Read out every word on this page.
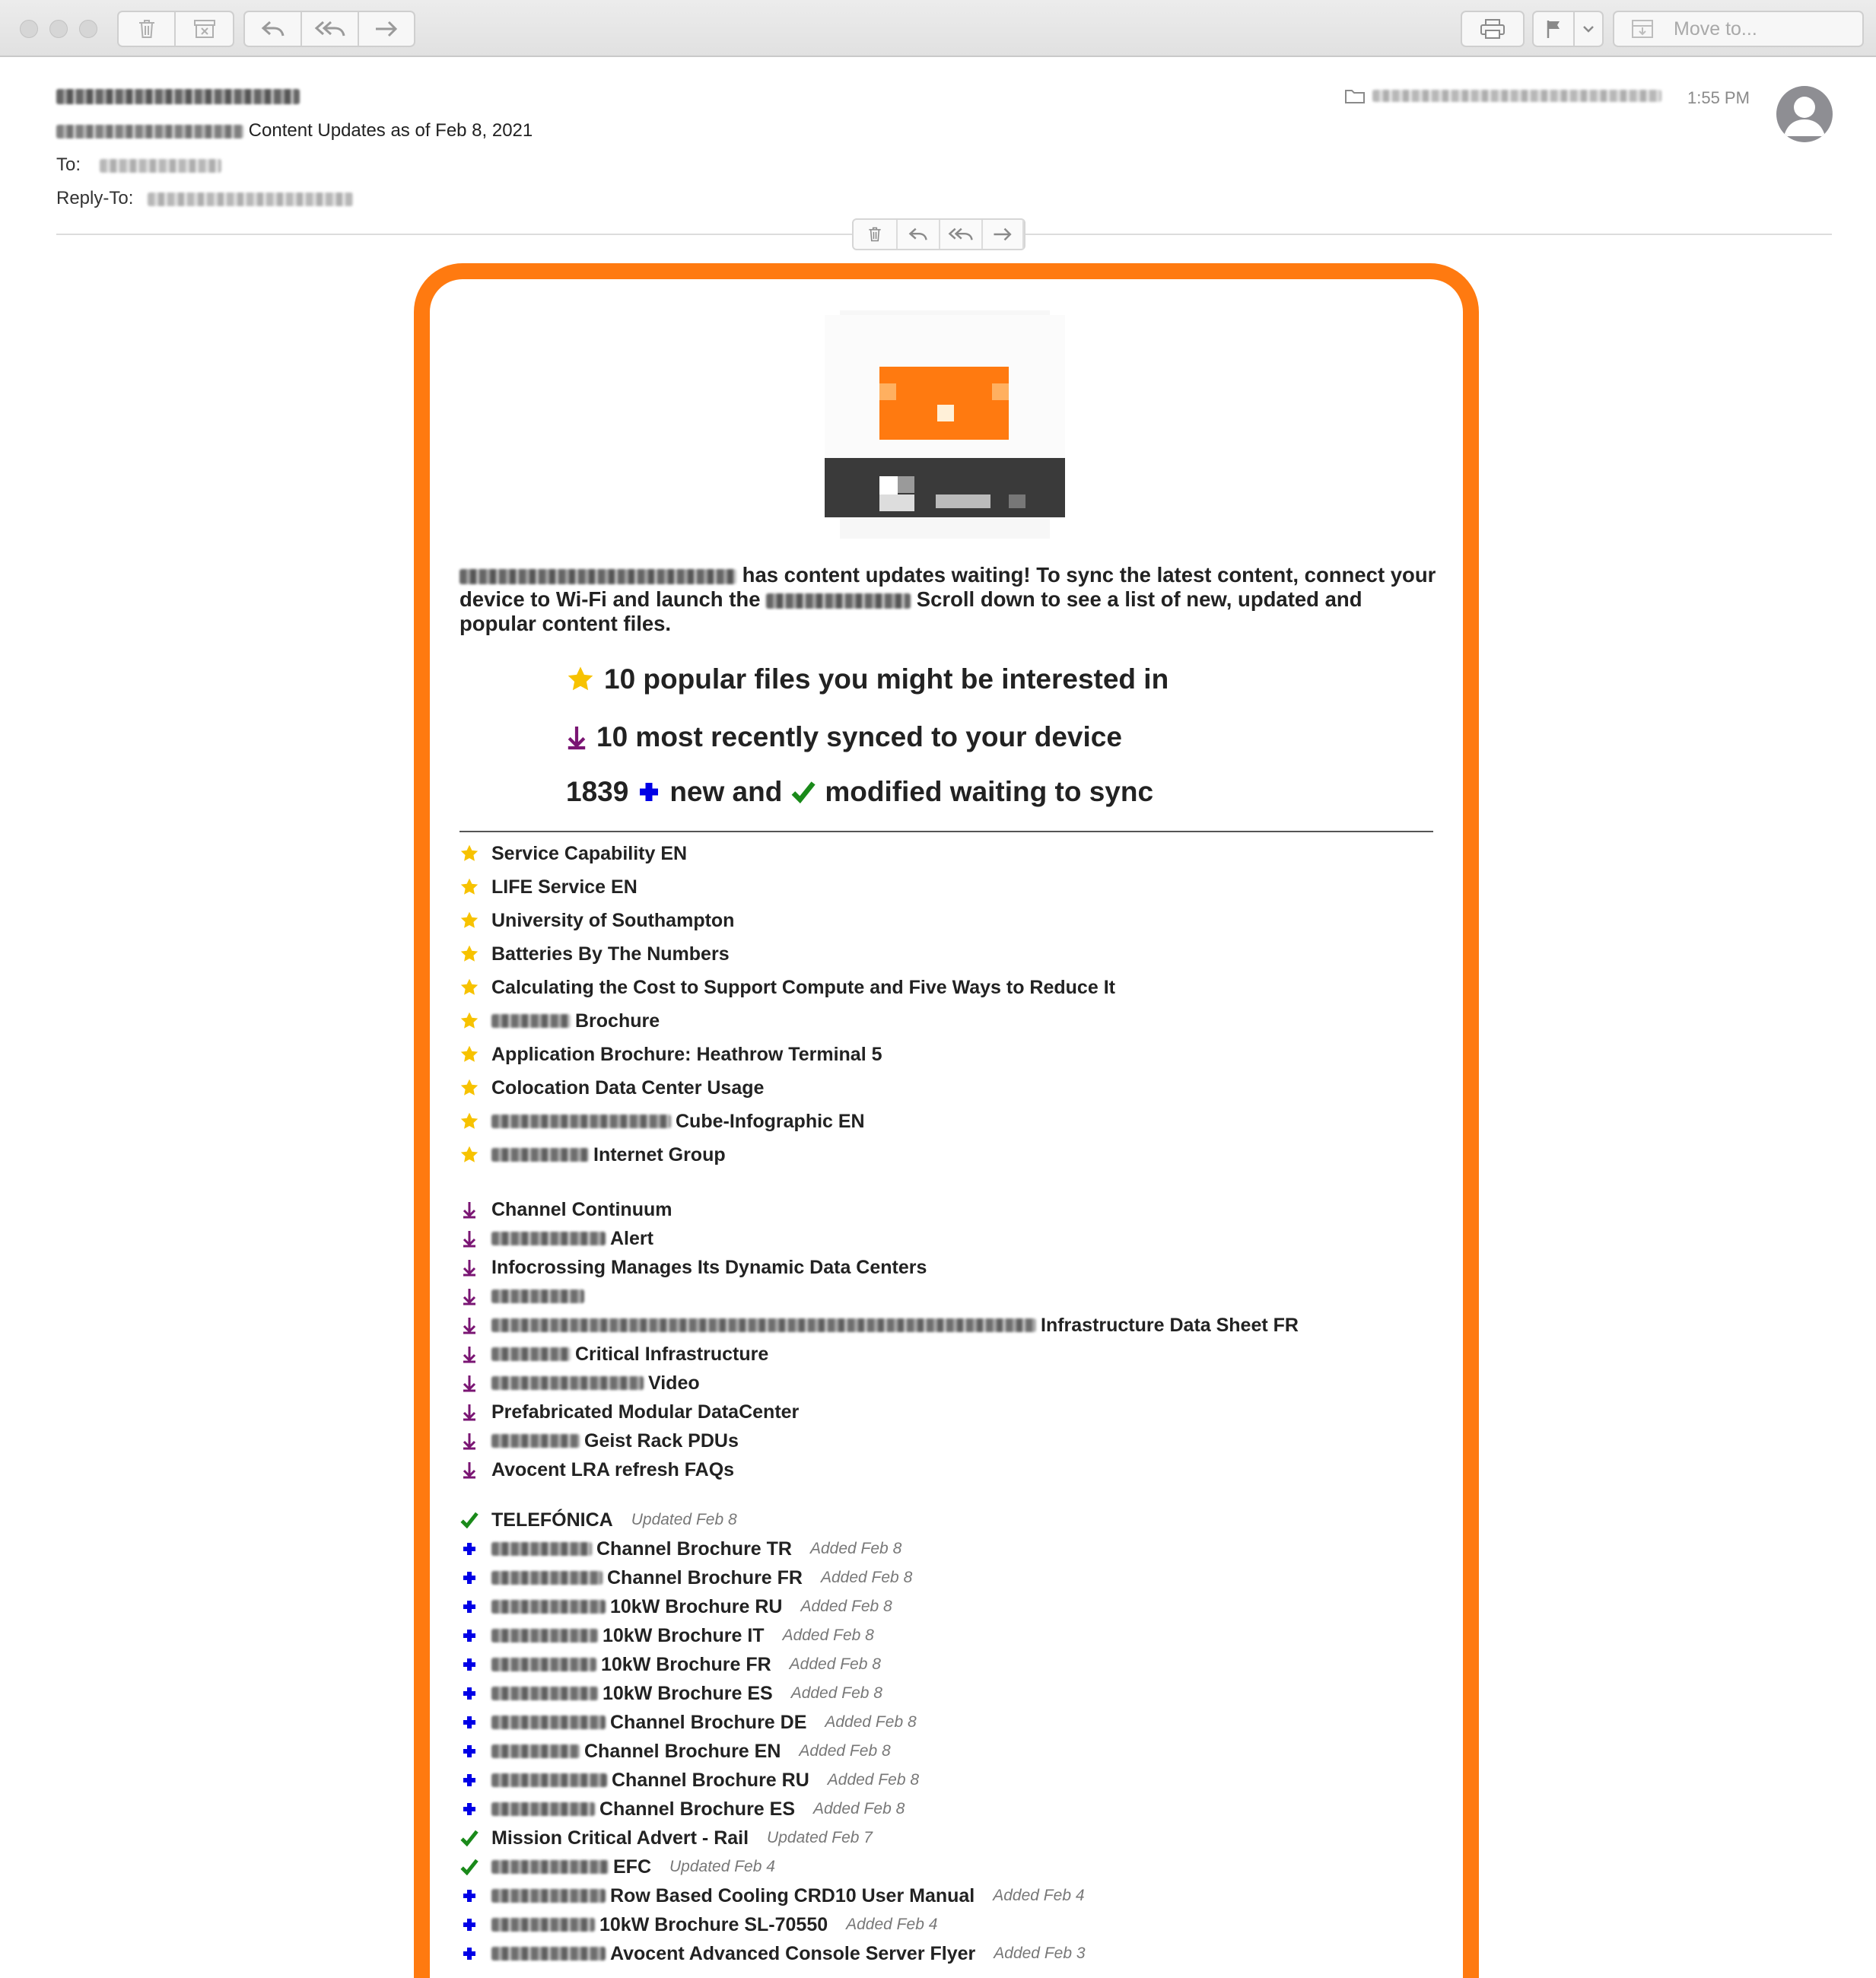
Move to...
Content Updates as of Feb 8, 2021
To:
Reply-To:
1:55 PM
has content updates waiting! To sync the latest content, connect your device to Wi-Fi and launch the	Scroll down to see a list of new, updated and popular content files.
10 popular files you might be interested in
10 most recently synced to your device
1839 new and modified waiting to sync
Service Capability EN
LIFE Service EN
University of Southampton
Batteries By The Numbers
Calculating the Cost to Support Compute and Five Ways to Reduce It
Brochure
Application Brochure: Heathrow Terminal 5
Colocation Data Center Usage
Cube-Infographic EN
Internet Group
Channel Continuum
Alert
Infocrossing Manages Its Dynamic Data Centers
Infrastructure Data Sheet FR
Critical Infrastructure
Video
Prefabricated Modular DataCenter
Geist Rack PDUs
Avocent LRA refresh FAQs
TELEFÓNICA Updated Feb 8
Channel Brochure TR Added Feb 8
Channel Brochure FR Added Feb 8
10kW Brochure RU Added Feb 8
10kW Brochure IT Added Feb 8
10kW Brochure FR Added Feb 8
10kW Brochure ES Added Feb 8
Channel Brochure DE Added Feb 8
Channel Brochure EN Added Feb 8
Channel Brochure RU Added Feb 8
Channel Brochure ES Added Feb 8
Mission Critical Advert - Rail Updated Feb 7
EFC Updated Feb 4
Row Based Cooling CRD10 User Manual Added Feb 4
10kW Brochure SL-70550 Added Feb 4
Avocent Advanced Console Server Flyer Added Feb 3
